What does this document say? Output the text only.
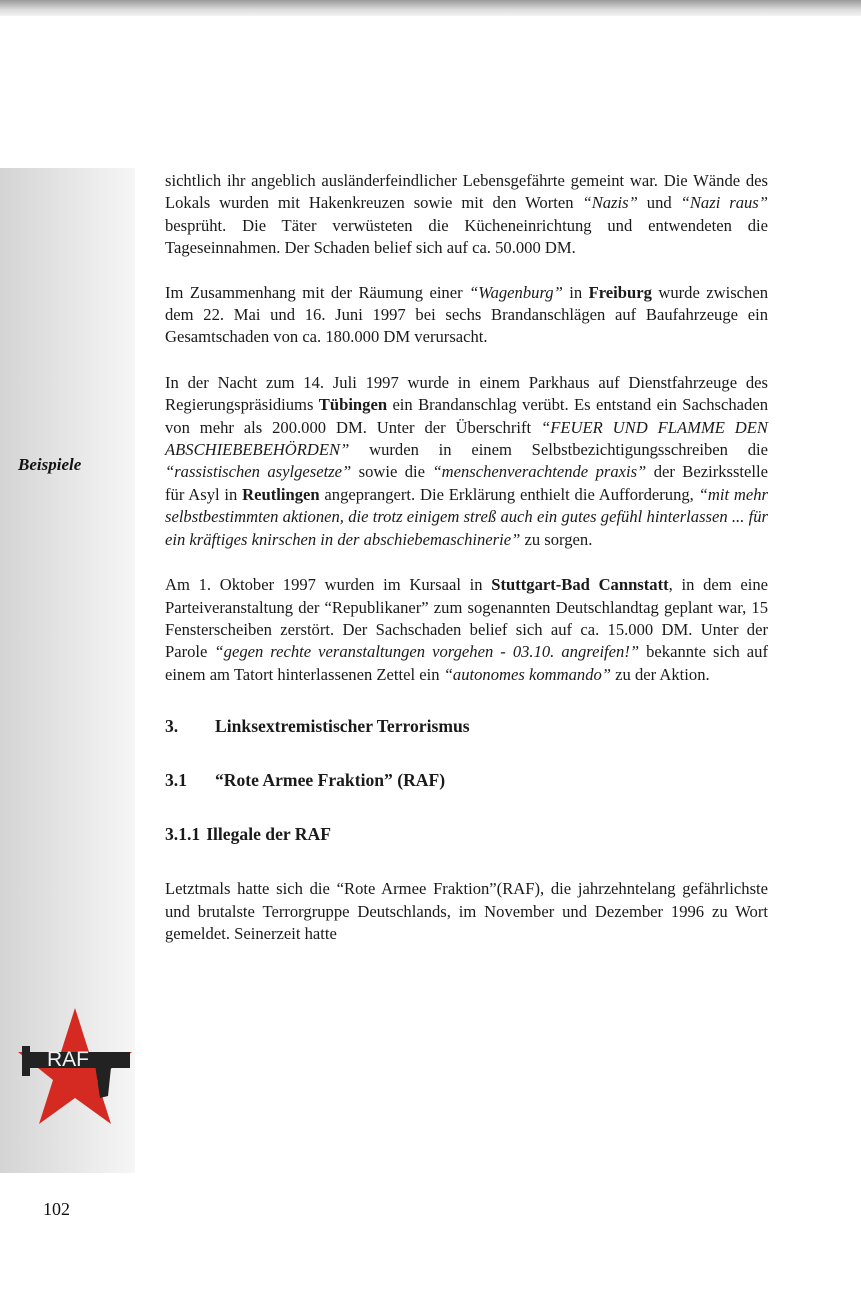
Beispiele
RAF
102

sichtlich ihr angeblich ausländerfeindlicher Lebensgefährte gemeint war. Die Wände des Lokals wurden mit Hakenkreuzen sowie mit den Worten “Nazis” und “Nazi raus” besprüht. Die Täter verwüsteten die Kücheneinrichtung und entwendeten die Tageseinnahmen. Der Schaden belief sich auf ca. 50.000 DM.

Im Zusammenhang mit der Räumung einer “Wagenburg” in Freiburg wurde zwischen dem 22. Mai und 16. Juni 1997 bei sechs Brandanschlägen auf Baufahrzeuge ein Gesamtschaden von ca. 180.000 DM verursacht.

In der Nacht zum 14. Juli 1997 wurde in einem Parkhaus auf Dienstfahrzeuge des Regierungspräsidiums Tübingen ein Brandanschlag verübt. Es entstand ein Sachschaden von mehr als 200.000 DM. Unter der Überschrift “FEUER UND FLAMME DEN ABSCHIEBEBEHÖRDEN” wurden in einem Selbstbezichtigungsschreiben die “rassistischen asylgesetze” sowie die “menschenverachtende praxis” der Bezirksstelle für Asyl in Reutlingen angeprangert. Die Erklärung enthielt die Aufforderung, “mit mehr selbstbestimmten aktionen, die trotz einigem streß auch ein gutes gefühl hinterlassen ... für ein kräftiges knirschen in der abschiebemaschinerie” zu sorgen.

Am 1. Oktober 1997 wurden im Kursaal in Stuttgart-Bad Cannstatt, in dem eine Parteiveranstaltung der “Republikaner” zum sogenannten Deutschlandtag geplant war, 15 Fensterscheiben zerstört. Der Sachschaden belief sich auf ca. 15.000 DM. Unter der Parole “gegen rechte veranstaltungen vorgehen - 03.10. angreifen!” bekannte sich auf einem am Tatort hinterlassenen Zettel ein “autonomes kommando” zu der Aktion.

3.	Linksextremistischer Terrorismus
3.1	“Rote Armee Fraktion” (RAF)
3.1.1 Illegale der RAF

Letztmals hatte sich die “Rote Armee Fraktion”(RAF), die jahrzehntelang gefährlichste und brutalste Terrorgruppe Deutschlands, im November und Dezember 1996 zu Wort gemeldet. Seinerzeit hatte
